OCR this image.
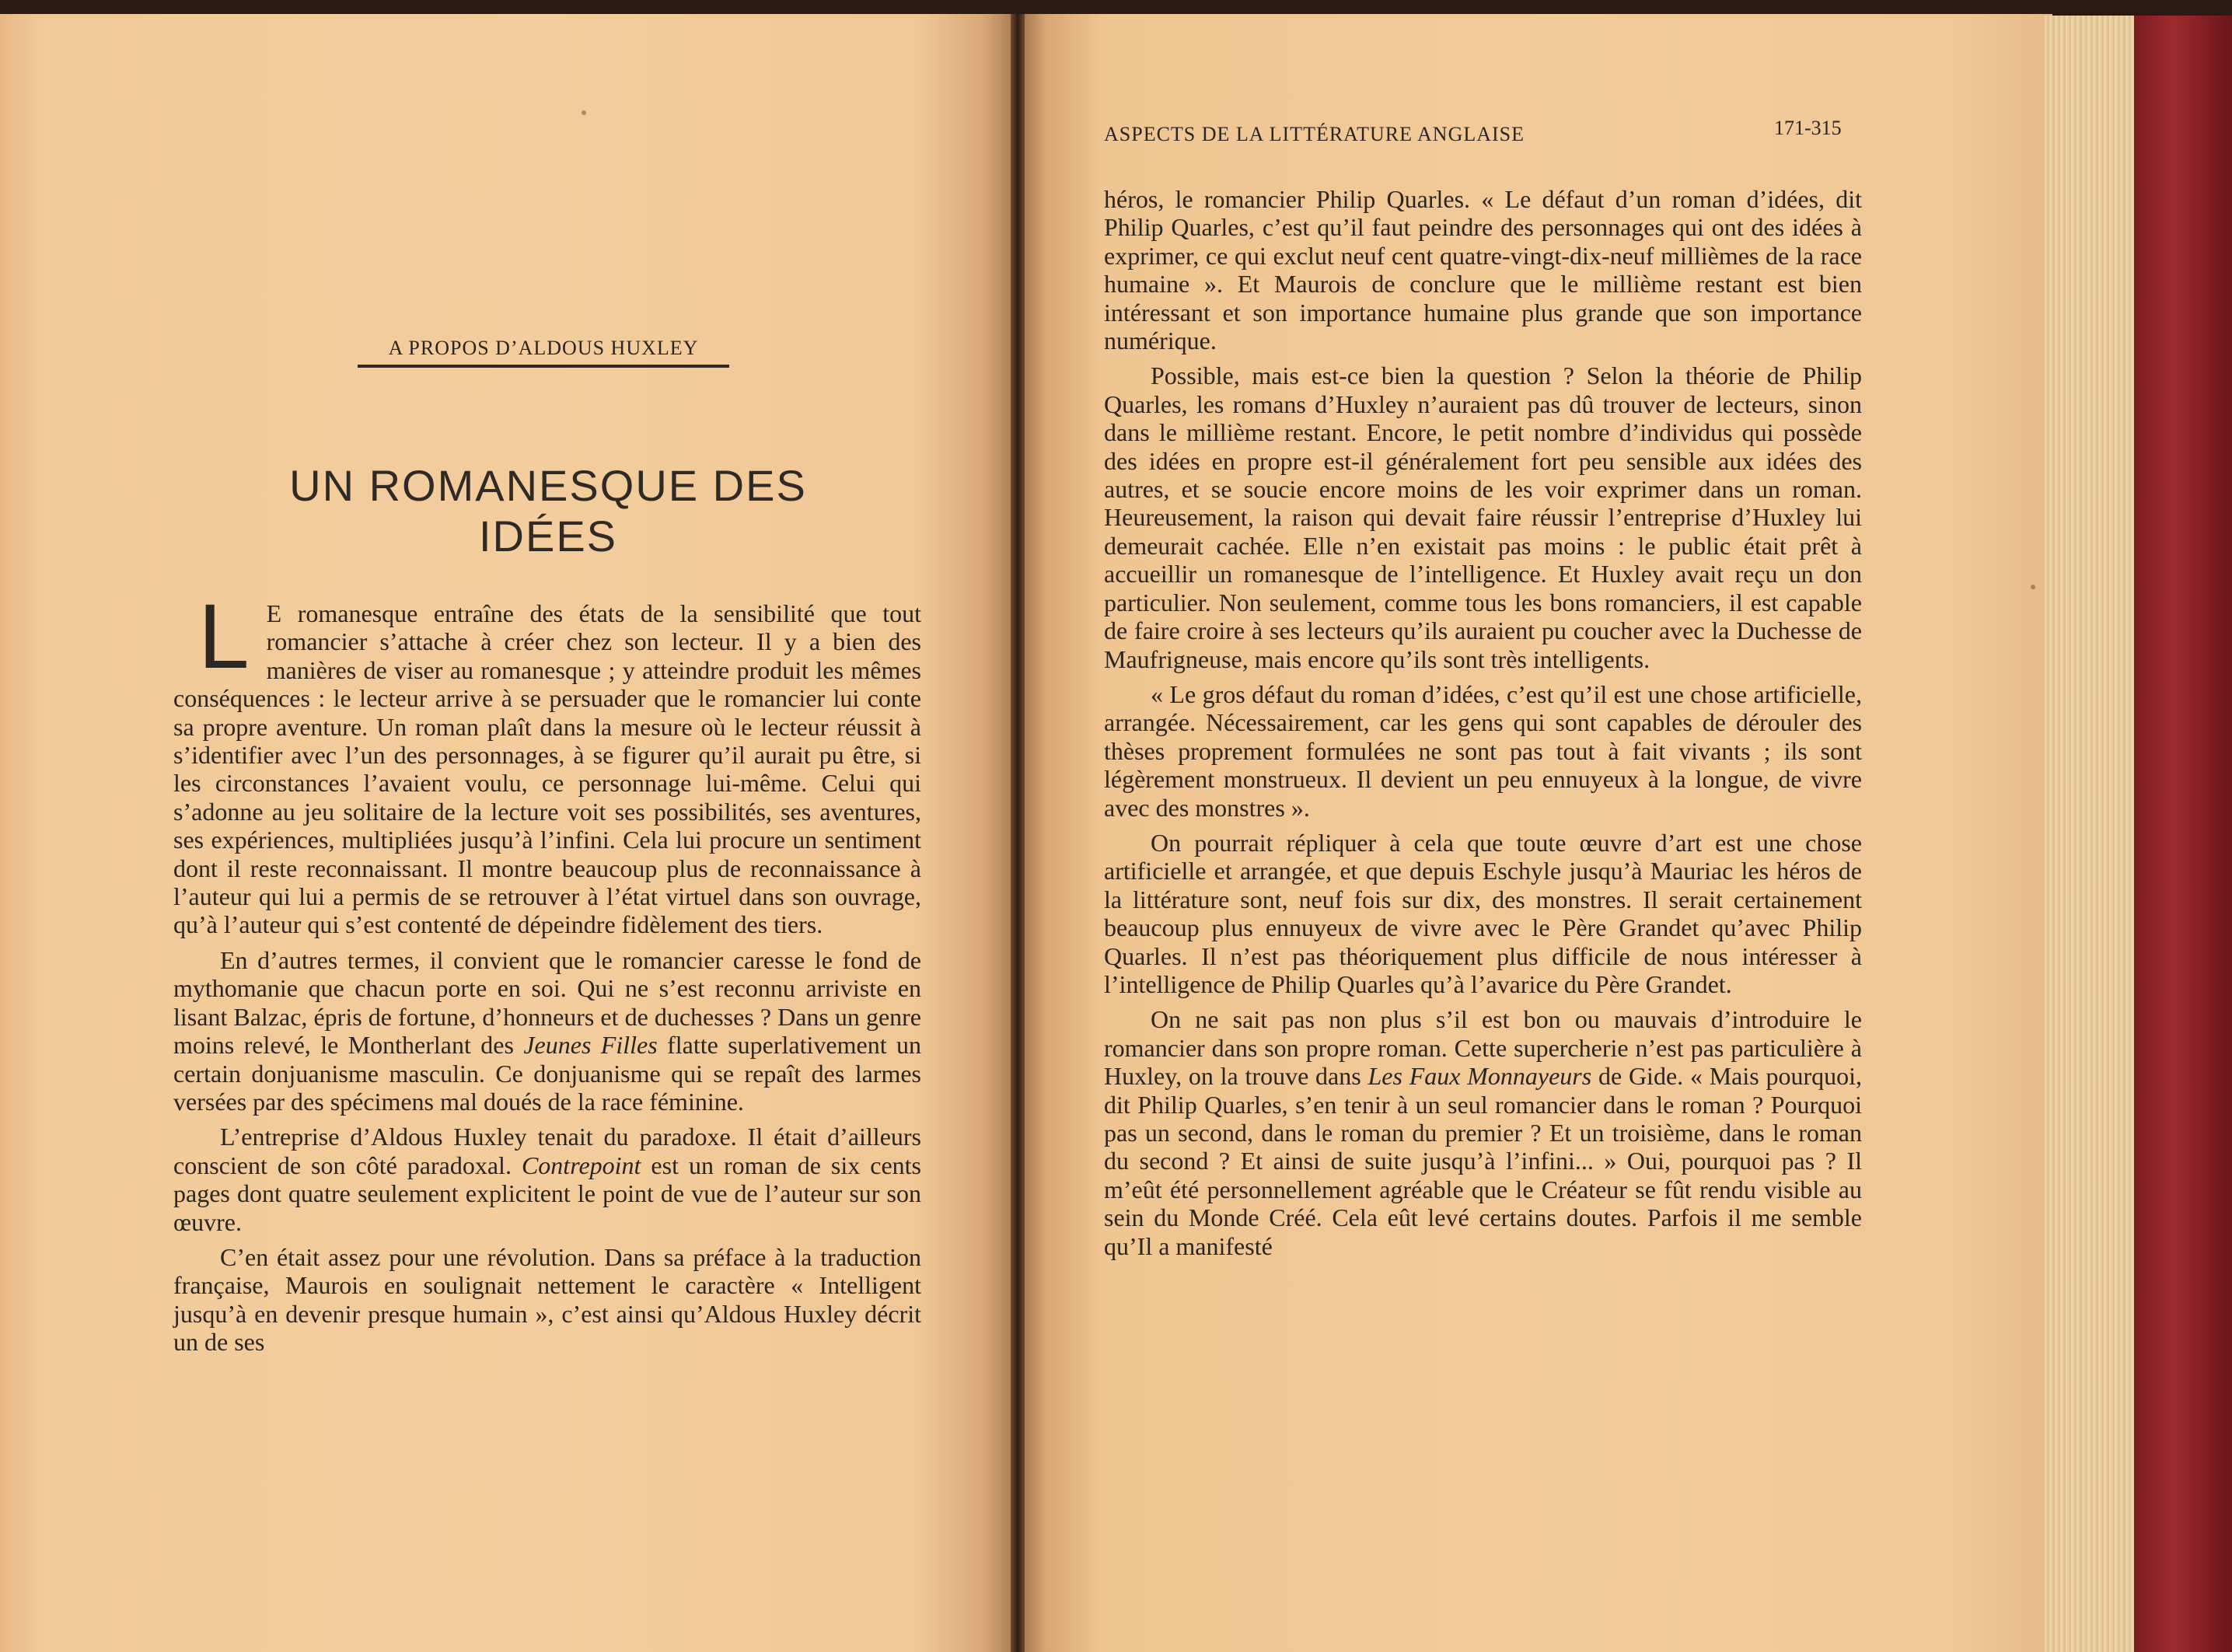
A PROPOS D’ALDOUS HUXLEY
UN ROMANESQUE DES IDÉES

L E romanesque entraîne des états de la sensibilité que tout romancier s’attache à créer chez son lecteur. Il y a bien des manières de viser au romanesque ; y atteindre produit les mêmes conséquences : le lecteur arrive à se persuader que le romancier lui conte sa propre aventure. Un roman plaît dans la mesure où le lecteur réussit à s’identifier avec l’un des personnages, à se figurer qu’il aurait pu être, si les circonstances l’avaient voulu, ce personnage lui-même. Celui qui s’adonne au jeu solitaire de la lecture voit ses possibilités, ses aventures, ses expériences, multipliées jusqu’à l’infini. Cela lui procure un sentiment dont il reste reconnaissant. Il montre beaucoup plus de reconnaissance à l’auteur qui lui a permis de se retrouver à l’état virtuel dans son ouvrage, qu’à l’auteur qui s’est contenté de dépeindre fidèlement des tiers.

En d’autres termes, il convient que le romancier caresse le fond de mythomanie que chacun porte en soi. Qui ne s’est reconnu arriviste en lisant Balzac, épris de fortune, d’honneurs et de duchesses ? Dans un genre moins relevé, le Montherlant des Jeunes Filles flatte superlativement un certain donjuanisme masculin. Ce donjuanisme qui se repaît des larmes versées par des spécimens mal doués de la race féminine.

L’entreprise d’Aldous Huxley tenait du paradoxe. Il était d’ailleurs conscient de son côté paradoxal. Contrepoint est un roman de six cents pages dont quatre seulement explicitent le point de vue de l’auteur sur son œuvre.

C’en était assez pour une révolution. Dans sa préface à la traduction française, Maurois en soulignait nettement le caractère « Intelligent jusqu’à en devenir presque humain », c’est ainsi qu’Aldous Huxley décrit un de ses

ASPECTS DE LA LITTÉRATURE ANGLAISE	171-315

héros, le romancier Philip Quarles. « Le défaut d’un roman d’idées, dit Philip Quarles, c’est qu’il faut peindre des personnages qui ont des idées à exprimer, ce qui exclut neuf cent quatre-vingt-dix-neuf millièmes de la race humaine ». Et Maurois de conclure que le millième restant est bien intéressant et son importance humaine plus grande que son importance numérique.

Possible, mais est-ce bien la question ? Selon la théorie de Philip Quarles, les romans d’Huxley n’auraient pas dû trouver de lecteurs, sinon dans le millième restant. Encore, le petit nombre d’individus qui possède des idées en propre est-il généralement fort peu sensible aux idées des autres, et se soucie encore moins de les voir exprimer dans un roman. Heureusement, la raison qui devait faire réussir l’entreprise d’Huxley lui demeurait cachée. Elle n’en existait pas moins : le public était prêt à accueillir un romanesque de l’intelligence. Et Huxley avait reçu un don particulier. Non seulement, comme tous les bons romanciers, il est capable de faire croire à ses lecteurs qu’ils auraient pu coucher avec la Duchesse de Maufrigneuse, mais encore qu’ils sont très intelligents.

« Le gros défaut du roman d’idées, c’est qu’il est une chose artificielle, arrangée. Nécessairement, car les gens qui sont capables de dérouler des thèses proprement formulées ne sont pas tout à fait vivants ; ils sont légèrement monstrueux. Il devient un peu ennuyeux à la longue, de vivre avec des monstres ».

On pourrait répliquer à cela que toute œuvre d’art est une chose artificielle et arrangée, et que depuis Eschyle jusqu’à Mauriac les héros de la littérature sont, neuf fois sur dix, des monstres. Il serait certainement beaucoup plus ennuyeux de vivre avec le Père Grandet qu’avec Philip Quarles. Il n’est pas théoriquement plus difficile de nous intéresser à l’intelligence de Philip Quarles qu’à l’avarice du Père Grandet.

On ne sait pas non plus s’il est bon ou mauvais d’introduire le romancier dans son propre roman. Cette supercherie n’est pas particulière à Huxley, on la trouve dans Les Faux Monnayeurs de Gide. « Mais pourquoi, dit Philip Quarles, s’en tenir à un seul romancier dans le roman ? Pourquoi pas un second, dans le roman du premier ? Et un troisième, dans le roman du second ? Et ainsi de suite jusqu’à l’infini... » Oui, pourquoi pas ? Il m’eût été personnellement agréable que le Créateur se fût rendu visible au sein du Monde Créé. Cela eût levé certains doutes. Parfois il me semble qu’Il a manifesté
